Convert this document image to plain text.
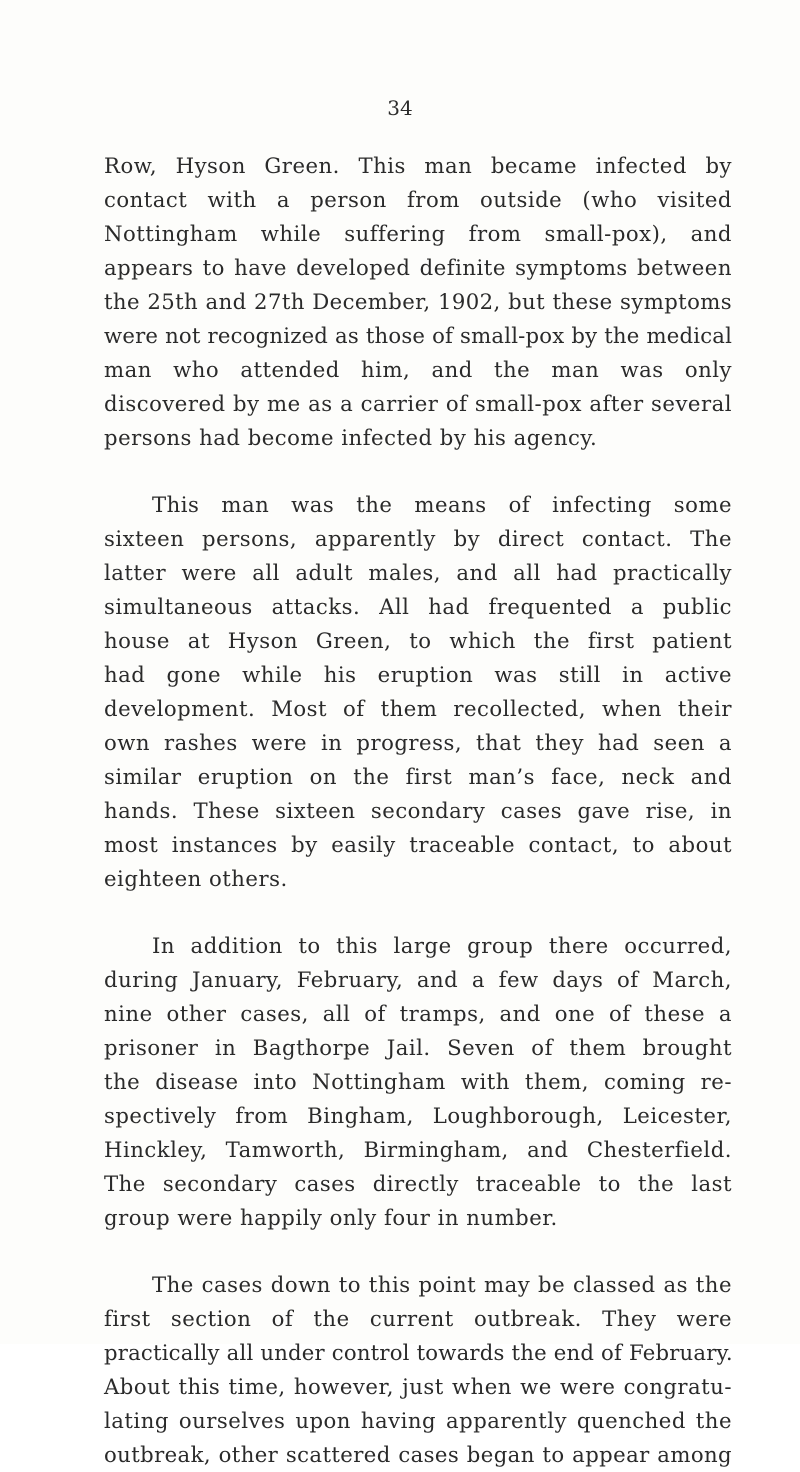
34
Row, Hyson Green. This man became infected by
contact with a person from outside (who visited
Nottingham while suffering from small-pox), and
appears to have developed definite symptoms between
the 25th and 27th December, 1902, but these symptoms
were not recognized as those of small-pox by the medical
man who attended him, and the man was only
discovered by me as a carrier of small-pox after several
persons had become infected by his agency.
This man was the means of infecting some
sixteen persons, apparently by direct contact. The
latter were all adult males, and all had practically
simultaneous attacks. All had frequented a public
house at Hyson Green, to which the first patient
had gone while his eruption was still in active
development. Most of them recollected, when their
own rashes were in progress, that they had seen a
similar eruption on the first man’s face, neck and
hands. These sixteen secondary cases gave rise, in
most instances by easily traceable contact, to about
eighteen others.
In addition to this large group there occurred,
during January, February, and a few days of March,
nine other cases, all of tramps, and one of these a
prisoner in Bagthorpe Jail. Seven of them brought
the disease into Nottingham with them, coming re-
spectively from Bingham, Loughborough, Leicester,
Hinckley, Tamworth, Birmingham, and Chesterfield.
The secondary cases directly traceable to the last
group were happily only four in number.
The cases down to this point may be classed as the
first section of the current outbreak. They were
practically all under control towards the end of February.
About this time, however, just when we were congratu-
lating ourselves upon having apparently quenched the
outbreak, other scattered cases began to appear among
